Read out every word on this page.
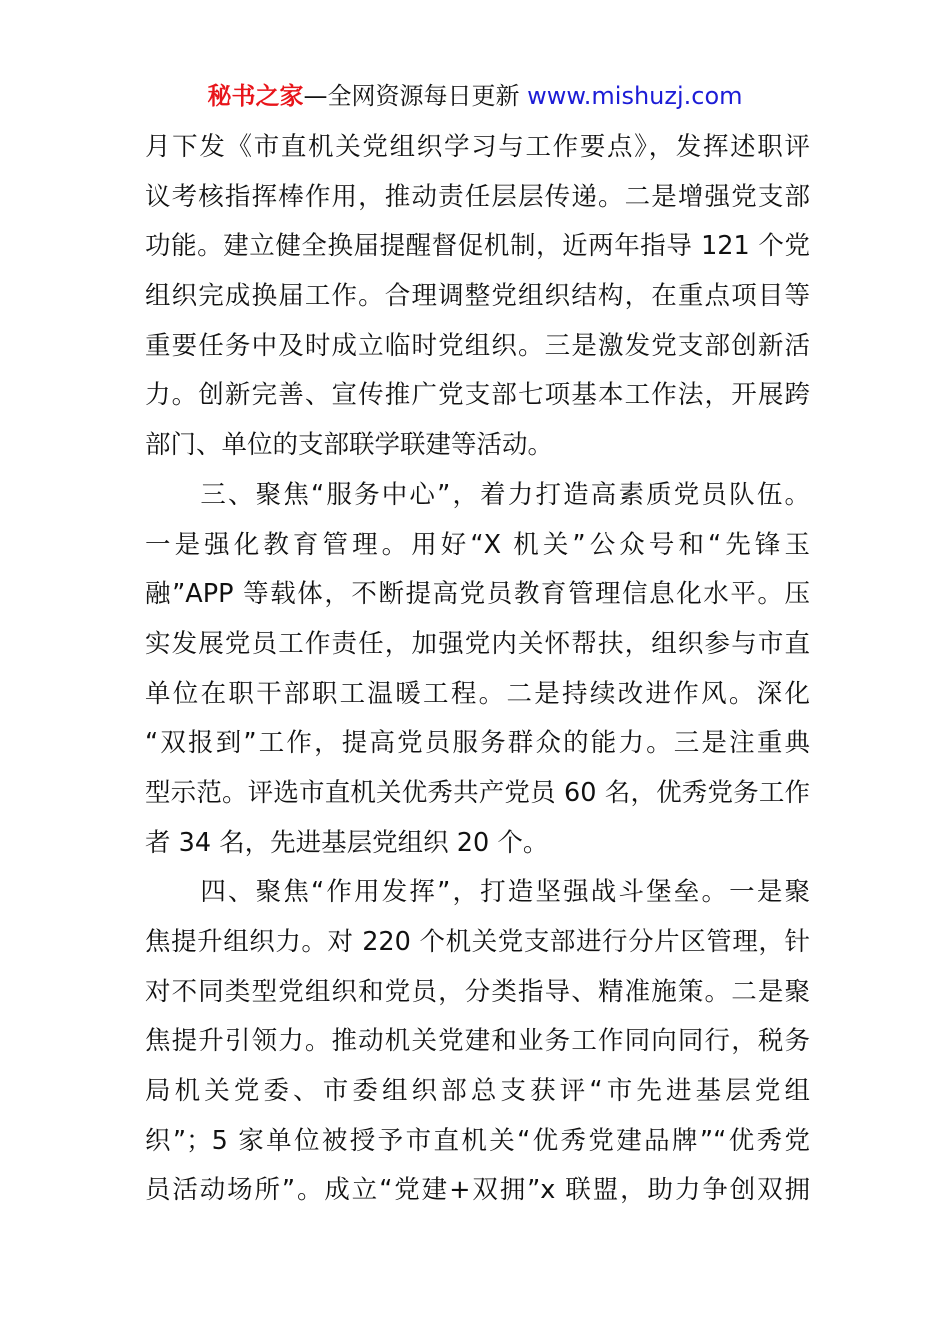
秘书之家—全网资源每日更新 www.mishuzj.com
月下发《市直机关党组织学习与工作要点》，发挥述职评
议考核指挥棒作用，推动责任层层传递。二是增强党支部
功能。建立健全换届提醒督促机制，近两年指导 121 个党
组织完成换届工作。合理调整党组织结构，在重点项目等
重要任务中及时成立临时党组织。三是激发党支部创新活
力。创新完善、宣传推广党支部七项基本工作法，开展跨
部门、单位的支部联学联建等活动。
　　三、聚焦“服务中心”，着力打造高素质党员队伍。
一是强化教育管理。用好“X 机关”公众号和“先锋玉
融”APP 等载体，不断提高党员教育管理信息化水平。压
实发展党员工作责任，加强党内关怀帮扶，组织参与市直
单位在职干部职工温暖工程。二是持续改进作风。深化
“双报到”工作，提高党员服务群众的能力。三是注重典
型示范。评选市直机关优秀共产党员 60 名，优秀党务工作
者 34 名，先进基层党组织 20 个。
　　四、聚焦“作用发挥”，打造坚强战斗堡垒。一是聚
焦提升组织力。对 220 个机关党支部进行分片区管理，针
对不同类型党组织和党员，分类指导、精准施策。二是聚
焦提升引领力。推动机关党建和业务工作同向同行，税务
局机关党委、市委组织部总支获评“市先进基层党组
织”；5 家单位被授予市直机关“优秀党建品牌”“优秀党
员活动场所”。成立“党建+双拥”x 联盟，助力争创双拥
